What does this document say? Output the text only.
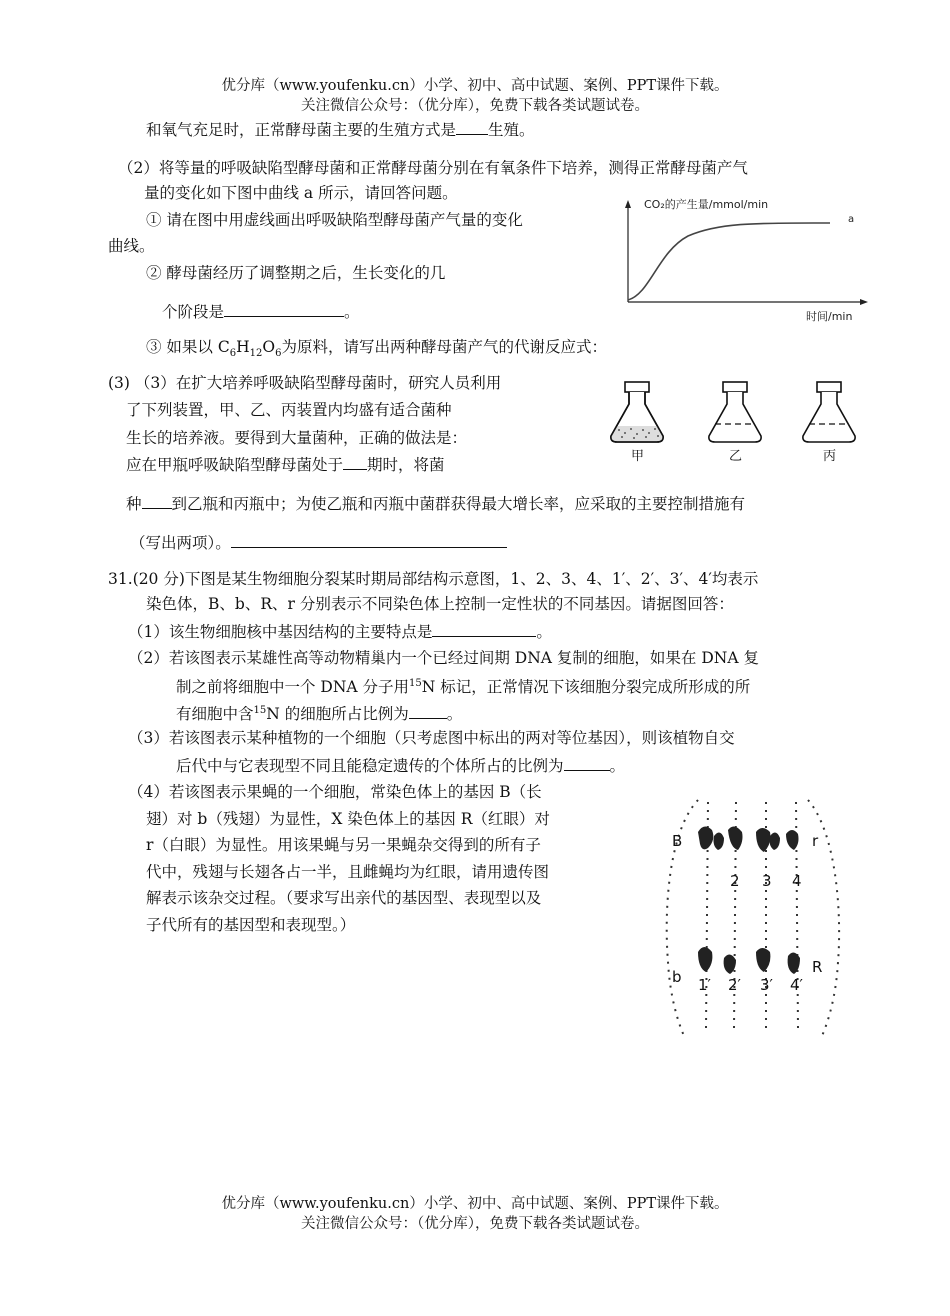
优分库（www.youfenku.cn）小学、初中、高中试题、案例、PPT课件下载。
关注微信公众号：（优分库），免费下载各类试题试卷。
和氧气充足时，正常酵母菌主要的生殖方式是 生殖。
（2）将等量的呼吸缺陷型酵母菌和正常酵母菌分别在有氧条件下培养，测得正常酵母菌产气
量的变化如下图中曲线 a 所示，请回答问题。
① 请在图中用虚线画出呼吸缺陷型酵母菌产气量的变化
曲线。
② 酵母菌经历了调整期之后，生长变化的几
个阶段是	。
③ 如果以 $C_6H_{12}O_6$为原料，请写出两种酵母菌产气的代谢反应式：
CO₂的产生量/mmol/min
a
时间/min
(3) （3）在扩大培养呼吸缺陷型酵母菌时，研究人员利用
了下列装置，甲、乙、丙装置内均盛有适合菌种
生长的培养液。要得到大量菌种，正确的做法是：
应在甲瓶呼吸缺陷型酵母菌处于 期时，将菌
种 到乙瓶和丙瓶中；为使乙瓶和丙瓶中菌群获得最大增长率，应采取的主要控制措施有
（写出两项）。
甲	乙	丙
31.(20 分)下图是某生物细胞分裂某时期局部结构示意图，1、2、3、4、1′、2′、3′、4′均表示
染色体，B、b、R、r 分别表示不同染色体上控制一定性状的不同基因。请据图回答：
（1）该生物细胞核中基因结构的主要特点是	。
（2）若该图表示某雄性高等动物精巢内一个已经过间期 DNA 复制的细胞，如果在 DNA 复
制之前将细胞中一个 DNA 分子用$^{15}$N 标记，正常情况下该细胞分裂完成所形成的所
有细胞中含$^{15}$N 的细胞所占比例为 。
（3）若该图表示某种植物的一个细胞（只考虑图中标出的两对等位基因），则该植物自交
后代中与它表现型不同且能稳定遗传的个体所占的比例为	。
（4）若该图表示果蝇的一个细胞，常染色体上的基因 B（长
翅）对 b（残翅）为显性，X 染色体上的基因 R（红眼）对
r（白眼）为显性。用该果蝇与另一果蝇杂交得到的所有子
代中，残翅与长翅各占一半，且雌蝇均为红眼，请用遗传图
解表示该杂交过程。（要求写出亲代的基因型、表现型以及
子代所有的基因型和表现型。）
B
2 3 4
r
b 1′ 2′ 3′ 4′
R
优分库（www.youfenku.cn）小学、初中、高中试题、案例、PPT课件下载。
关注微信公众号：（优分库），免费下载各类试题试卷。
